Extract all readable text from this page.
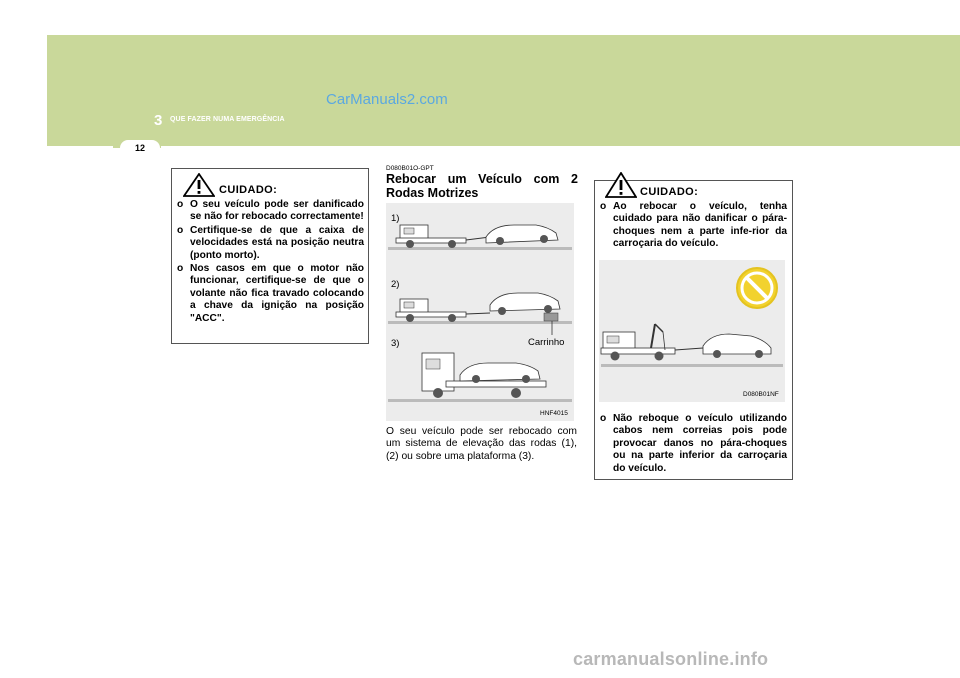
CarManuals2.com
3 QUE FAZER NUMA EMERGÊNCIA
12
CUIDADO:
o O seu veículo pode ser danificado se não for rebocado correctamente!
o Certifique-se de que a caixa de velocidades está na posição neutra (ponto morto).
o Nos casos em que o motor não funcionar, certifique-se de que o volante não fica travado colocando a chave da ignição na posição "ACC".
D080B01O-GPT
Rebocar um Veículo com 2 Rodas Motrizes
1)
2)
3)	Carrinho
HNF4015
O seu veículo pode ser rebocado com um sistema de elevação das rodas (1), (2) ou sobre uma plataforma (3).
CUIDADO:
o Ao rebocar o veículo, tenha cuidado para não danificar o pára-choques nem a parte infe-rior da carroçaria do veículo.
o Não reboque o veículo utilizando cabos nem correias pois pode provocar danos no pára-choques ou na parte inferior da carroçaria do veículo.
D080B01NF
carmanualsonline.info
